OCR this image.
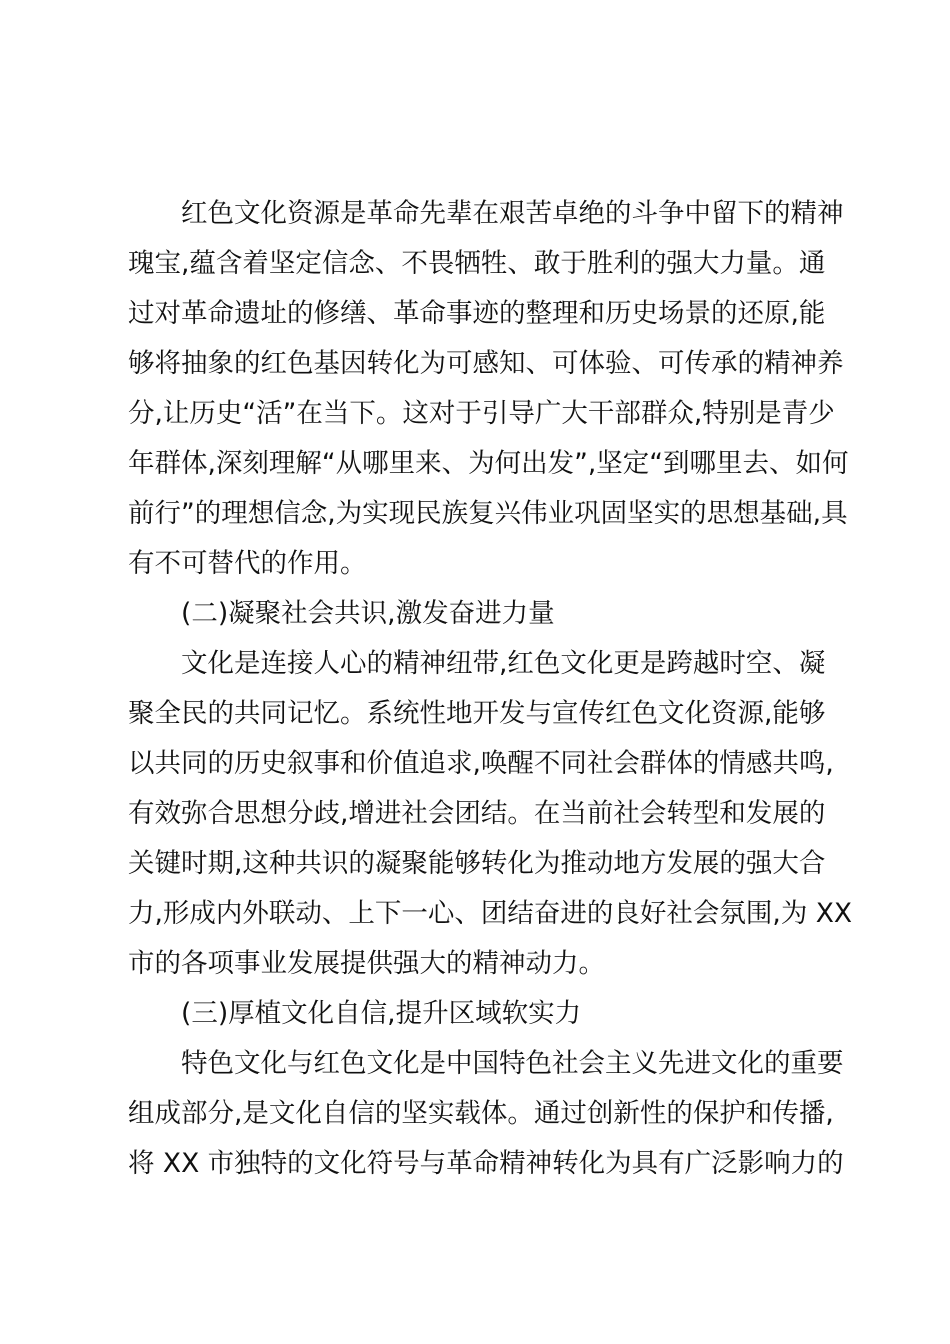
红色文化资源是革命先辈在艰苦卓绝的斗争中留下的精神
瑰宝,蕴含着坚定信念、不畏牺牲、敢于胜利的强大力量。通
过对革命遗址的修缮、革命事迹的整理和历史场景的还原,能
够将抽象的红色基因转化为可感知、可体验、可传承的精神养
分,让历史“活”在当下。这对于引导广大干部群众,特别是青少
年群体,深刻理解“从哪里来、为何出发”,坚定“到哪里去、如何
前行”的理想信念,为实现民族复兴伟业巩固坚实的思想基础,具
有不可替代的作用。
(二)凝聚社会共识,激发奋进力量
文化是连接人心的精神纽带,红色文化更是跨越时空、凝
聚全民的共同记忆。系统性地开发与宣传红色文化资源,能够
以共同的历史叙事和价值追求,唤醒不同社会群体的情感共鸣,
有效弥合思想分歧,增进社会团结。在当前社会转型和发展的
关键时期,这种共识的凝聚能够转化为推动地方发展的强大合
力,形成内外联动、上下一心、团结奋进的良好社会氛围,为 XX
市的各项事业发展提供强大的精神动力。
(三)厚植文化自信,提升区域软实力
特色文化与红色文化是中国特色社会主义先进文化的重要
组成部分,是文化自信的坚实载体。通过创新性的保护和传播,
将 XX 市独特的文化符号与革命精神转化为具有广泛影响力的
